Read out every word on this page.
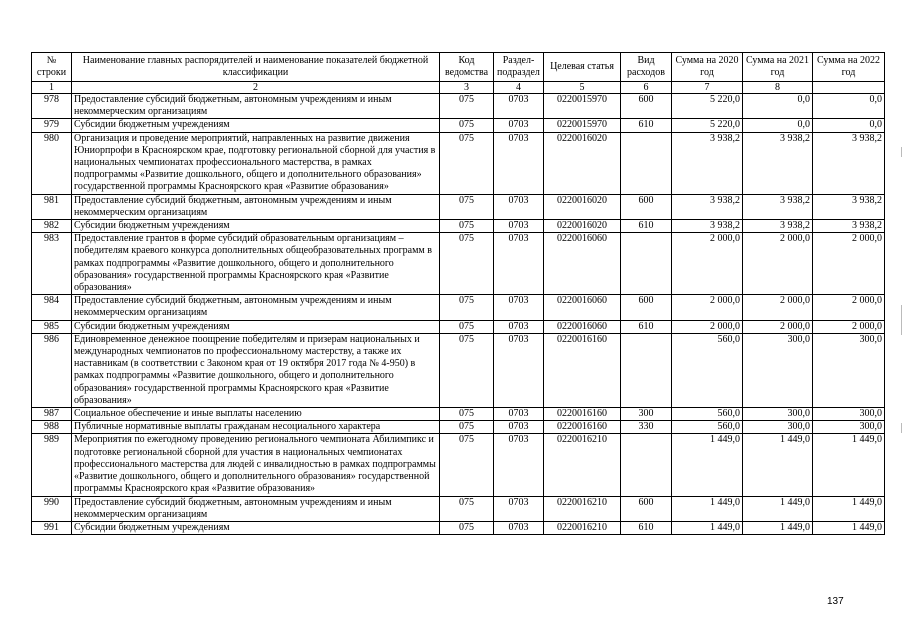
№ строки	Наименование главных распорядителей и наименование показателей бюджетной классификации	Код ведомства	Раздел-подраздел	Целевая статья	Вид расходов	Сумма на 2020 год	Сумма на 2021 год	Сумма на 2022 год
1	2	3	4	5	6	7	8	
978	Предоставление субсидий бюджетным, автономным учреждениям и иным некоммерческим организациям	075	0703	0220015970	600	5 220,0	0,0	0,0
979	Субсидии бюджетным учреждениям	075	0703	0220015970	610	5 220,0	0,0	0,0
980	Организация и проведение мероприятий, направленных на развитие движения Юниорпрофи в Красноярском крае, подготовку региональной сборной для участия в национальных чемпионатах профессионального мастерства, в рамках подпрограммы «Развитие дошкольного, общего и дополнительного образования» государственной программы Красноярского края «Развитие образования»	075	0703	0220016020		3 938,2	3 938,2	3 938,2
981	Предоставление субсидий бюджетным, автономным учреждениям и иным некоммерческим организациям	075	0703	0220016020	600	3 938,2	3 938,2	3 938,2
982	Субсидии бюджетным учреждениям	075	0703	0220016020	610	3 938,2	3 938,2	3 938,2
983	Предоставление грантов в форме субсидий образовательным организациям – победителям краевого конкурса дополнительных общеобразовательных программ в рамках подпрограммы «Развитие дошкольного, общего и дополнительного образования» государственной программы Красноярского края «Развитие образования»	075	0703	0220016060		2 000,0	2 000,0	2 000,0
984	Предоставление субсидий бюджетным, автономным учреждениям и иным некоммерческим организациям	075	0703	0220016060	600	2 000,0	2 000,0	2 000,0
985	Субсидии бюджетным учреждениям	075	0703	0220016060	610	2 000,0	2 000,0	2 000,0
986	Единовременное денежное поощрение победителям и призерам национальных и международных чемпионатов по профессиональному мастерству, а также их наставникам (в соответствии с Законом края от 19 октября 2017 года № 4-950) в рамках подпрограммы «Развитие дошкольного, общего и дополнительного образования» государственной программы Красноярского края «Развитие образования»	075	0703	0220016160		560,0	300,0	300,0
987	Социальное обеспечение и иные выплаты населению	075	0703	0220016160	300	560,0	300,0	300,0
988	Публичные нормативные выплаты гражданам несоциального характера	075	0703	0220016160	330	560,0	300,0	300,0
989	Мероприятия по ежегодному проведению регионального чемпионата Абилимпикс и подготовке региональной сборной для участия в национальных чемпионатах профессионального мастерства для людей с инвалидностью в рамках подпрограммы «Развитие дошкольного, общего и дополнительного образования» государственной программы Красноярского края «Развитие образования»	075	0703	0220016210		1 449,0	1 449,0	1 449,0
990	Предоставление субсидий бюджетным, автономным учреждениям и иным некоммерческим организациям	075	0703	0220016210	600	1 449,0	1 449,0	1 449,0
991	Субсидии бюджетным учреждениям	075	0703	0220016210	610	1 449,0	1 449,0	1 449,0
137
